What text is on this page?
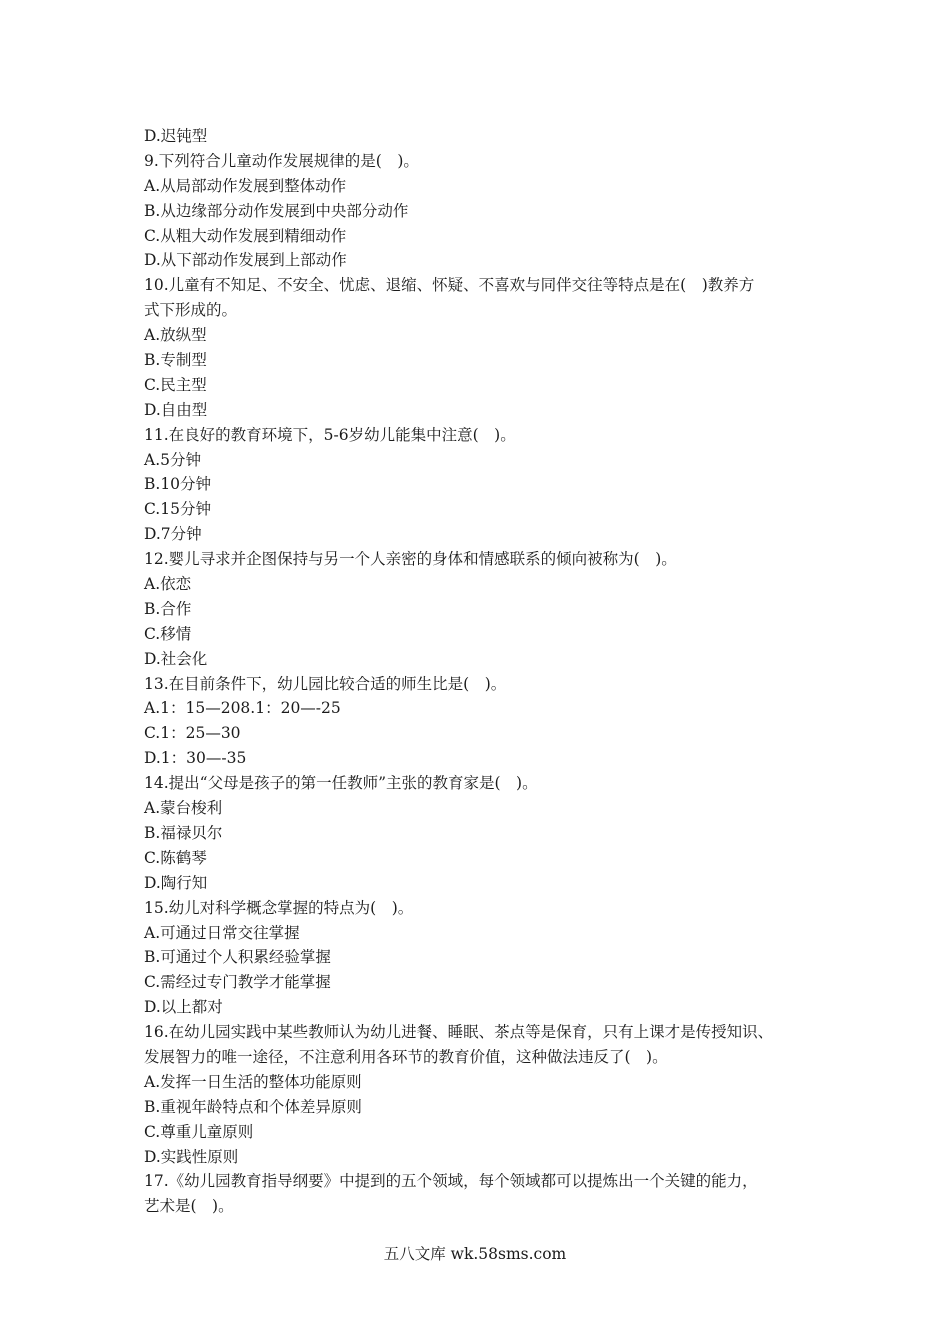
D.迟钝型
9.下列符合儿童动作发展规律的是(　)。
A.从局部动作发展到整体动作
B.从边缘部分动作发展到中央部分动作
C.从粗大动作发展到精细动作
D.从下部动作发展到上部动作
10.儿童有不知足、不安全、忧虑、退缩、怀疑、不喜欢与同伴交往等特点是在(　)教养方
式下形成的。
A.放纵型
B.专制型
C.民主型
D.自由型
11.在良好的教育环境下，5-6岁幼儿能集中注意(　)。
A.5分钟
B.10分钟
C.15分钟
D.7分钟
12.婴儿寻求并企图保持与另一个人亲密的身体和情感联系的倾向被称为(　)。
A.依恋
B.合作
C.移情
D.社会化
13.在目前条件下，幼儿园比较合适的师生比是(　)。
A.1：15—208.1：20—-25
C.1：25—30
D.1：30—-35
14.提出“父母是孩子的第一任教师”主张的教育家是(　)。
A.蒙台梭利
B.福禄贝尔
C.陈鹤琴
D.陶行知
15.幼儿对科学概念掌握的特点为(　)。
A.可通过日常交往掌握
B.可通过个人积累经验掌握
C.需经过专门教学才能掌握
D.以上都对
16.在幼儿园实践中某些教师认为幼儿进餐、睡眠、茶点等是保育，只有上课才是传授知识、
发展智力的唯一途径，不注意利用各环节的教育价值，这种做法违反了(　)。
A.发挥一日生活的整体功能原则
B.重视年龄特点和个体差异原则
C.尊重儿童原则
D.实践性原则
17.《幼儿园教育指导纲要》中提到的五个领域，每个领域都可以提炼出一个关键的能力，
艺术是(　)。
五八文库 wk.58sms.com
